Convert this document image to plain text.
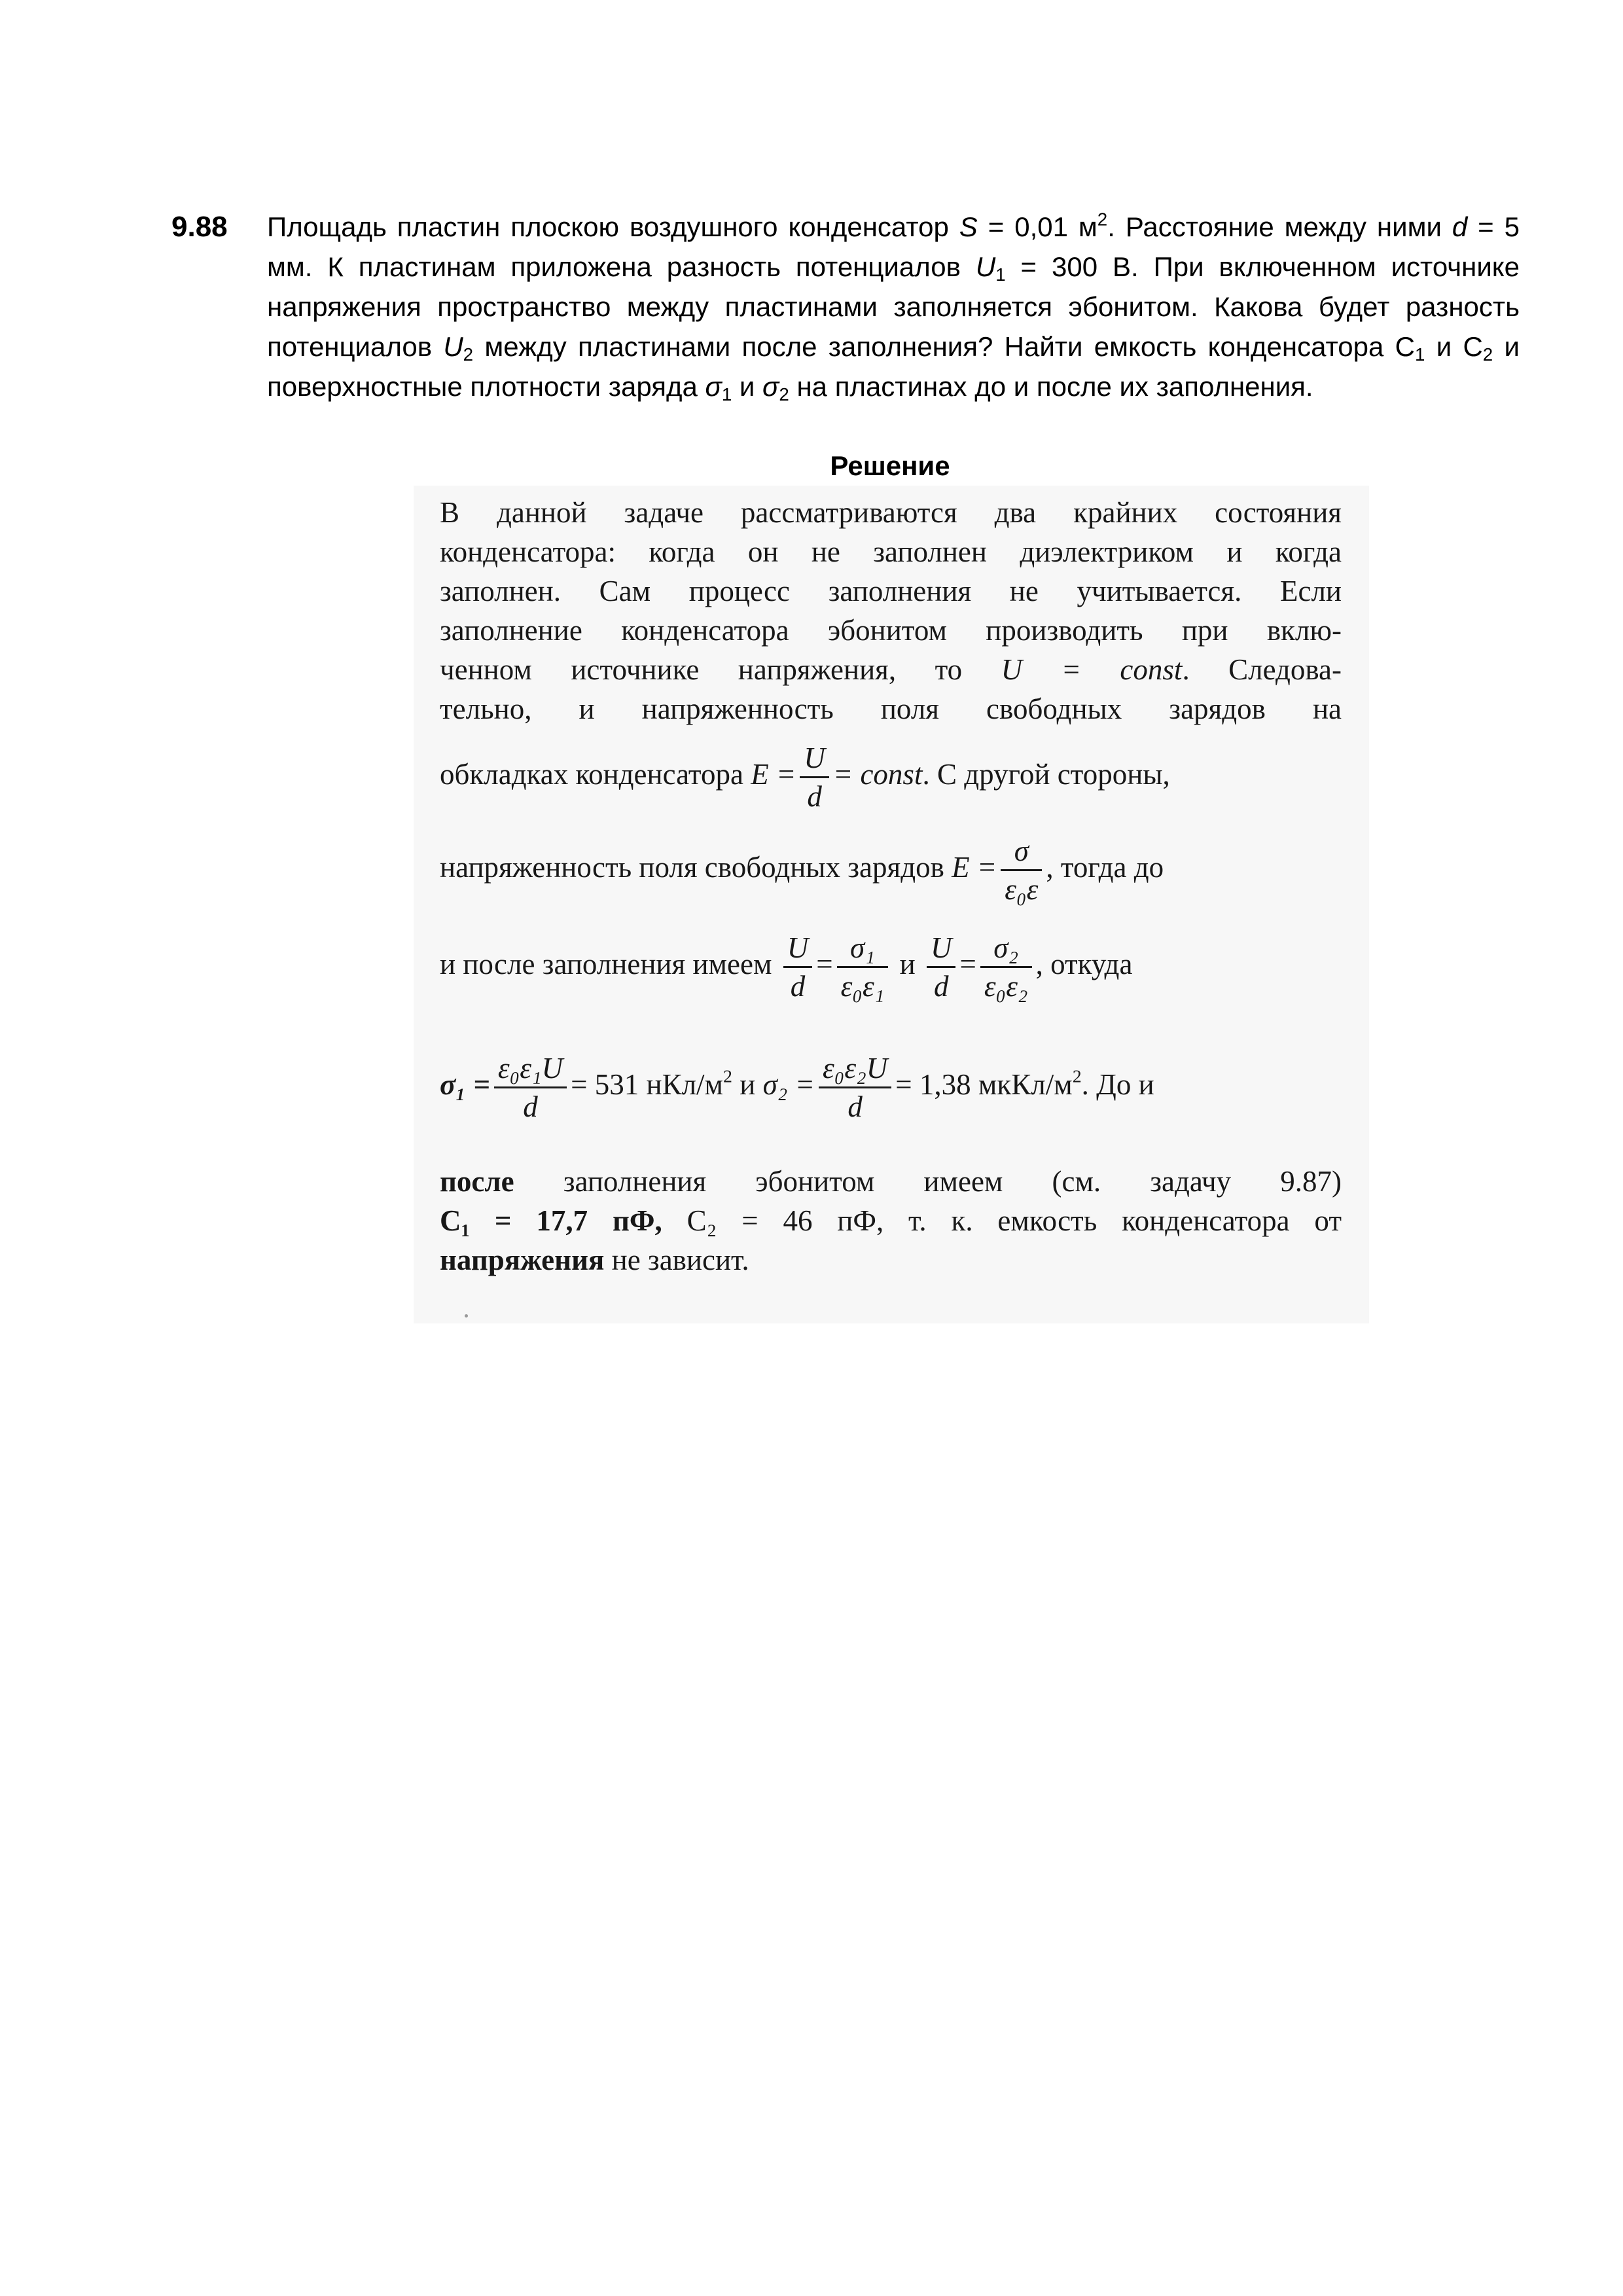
9.88 Площадь пластин плоскою воздушного конденсатор S = 0,01 $м^2$. Расстояние между ними d = 5 мм. К пластинам приложена разность потенциалов $U_1 = 300$ В. При включенном источнике напряжения пространство между пластинами заполняется эбонитом. Какова будет разность потенциалов $U_2$ между пластинами после заполнения? Найти емкость конденсатора $C_1$ и $C_2$ и поверхностные плотности заряда $\sigma_1$ и $\sigma_2$ на пластинах до и после их заполнения.
Решение
В данной задаче рассматриваются два крайних состояния
конденсатора: когда он не заполнен диэлектриком и когда
заполнен. Сам процесс заполнения не учитывается. Если
заполнение конденсатора эбонитом производить при вклю-
ченном источнике напряжения, то U = const. Следова-
тельно, и напряженность поля свободных зарядов на
обкладках конденсатора $E = \frac{U}{d}$ = const. С другой стороны,
напряженность поля свободных зарядов $E = \frac{\sigma}{\text{ε₀ε}}$ , тогда до
и после заполнения имеем $\frac{U}{d} = \frac{\text{σ₁}}{\text{ε₀ε₁}}$ и $\frac{U}{d} = \frac{\text{σ₂}}{\text{ε₀ε₂}}$ , откуда
$\sigma_1 = \frac{\text{ε₀ε₁U}}{d} = 531$ нКл/$м^2$ и $\sigma_2 = \frac{\text{ε₀ε₂U}}{d} = 1,38$ мкКл/$м^2$. До и
после заполнения эбонитом имеем (см. задачу 9.87)
C₁ = 17,7 пФ, C₂ = 46 пФ, т. к. емкость конденсатора от
напряжения не зависит.
